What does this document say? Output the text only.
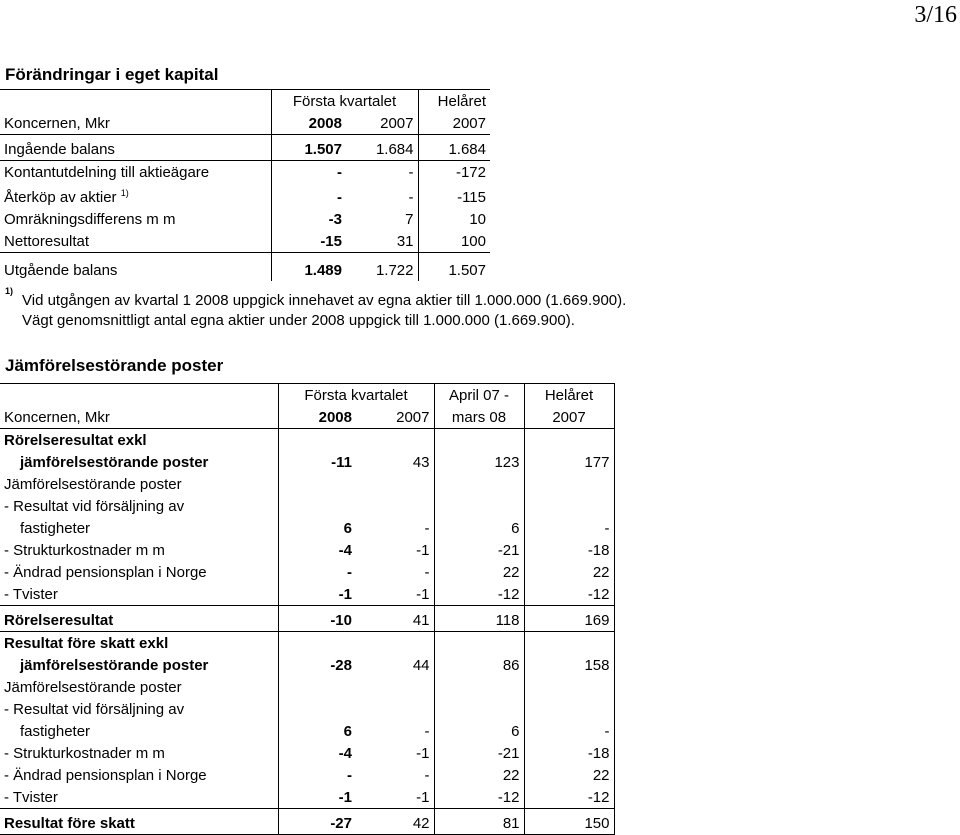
3/16
Förändringar i eget kapital
	Första kvartalet		Helåret
Koncernen, Mkr	2008	2007	2007
Ingående balans	1.507	1.684	1.684
Kontantutdelning till aktieägare	-	-	-172
Återköp av aktier $^{1)}$	-	-	-115
Omräkningsdifferens m m	-3	7	10
Nettoresultat	-15	31	100
Utgående balans	1.489	1.722	1.507
1)
Vid utgången av kvartal 1 2008 uppgick innehavet av egna aktier till 1.000.000 (1.669.900).
Vägt genomsnittligt antal egna aktier under 2008 uppgick till 1.000.000 (1.669.900).
Jämförelsestörande poster
	Första kvartalet		April 07 -	Helåret
Koncernen, Mkr	2008	2007	mars 08	2007
Rörelseresultat exkl				
jämförelsestörande poster	-11	43	123	177
Jämförelsestörande poster				
- Resultat vid försäljning av				
fastigheter	6	-	6	-
- Strukturkostnader m m	-4	-1	-21	-18
- Ändrad pensionsplan i Norge	-	-	22	22
- Tvister	-1	-1	-12	-12
Rörelseresultat	-10	41	118	169
Resultat före skatt exkl				
jämförelsestörande poster	-28	44	86	158
Jämförelsestörande poster				
- Resultat vid försäljning av				
fastigheter	6	-	6	-
- Strukturkostnader m m	-4	-1	-21	-18
- Ändrad pensionsplan i Norge	-	-	22	22
- Tvister	-1	-1	-12	-12
Resultat före skatt	-27	42	81	150
